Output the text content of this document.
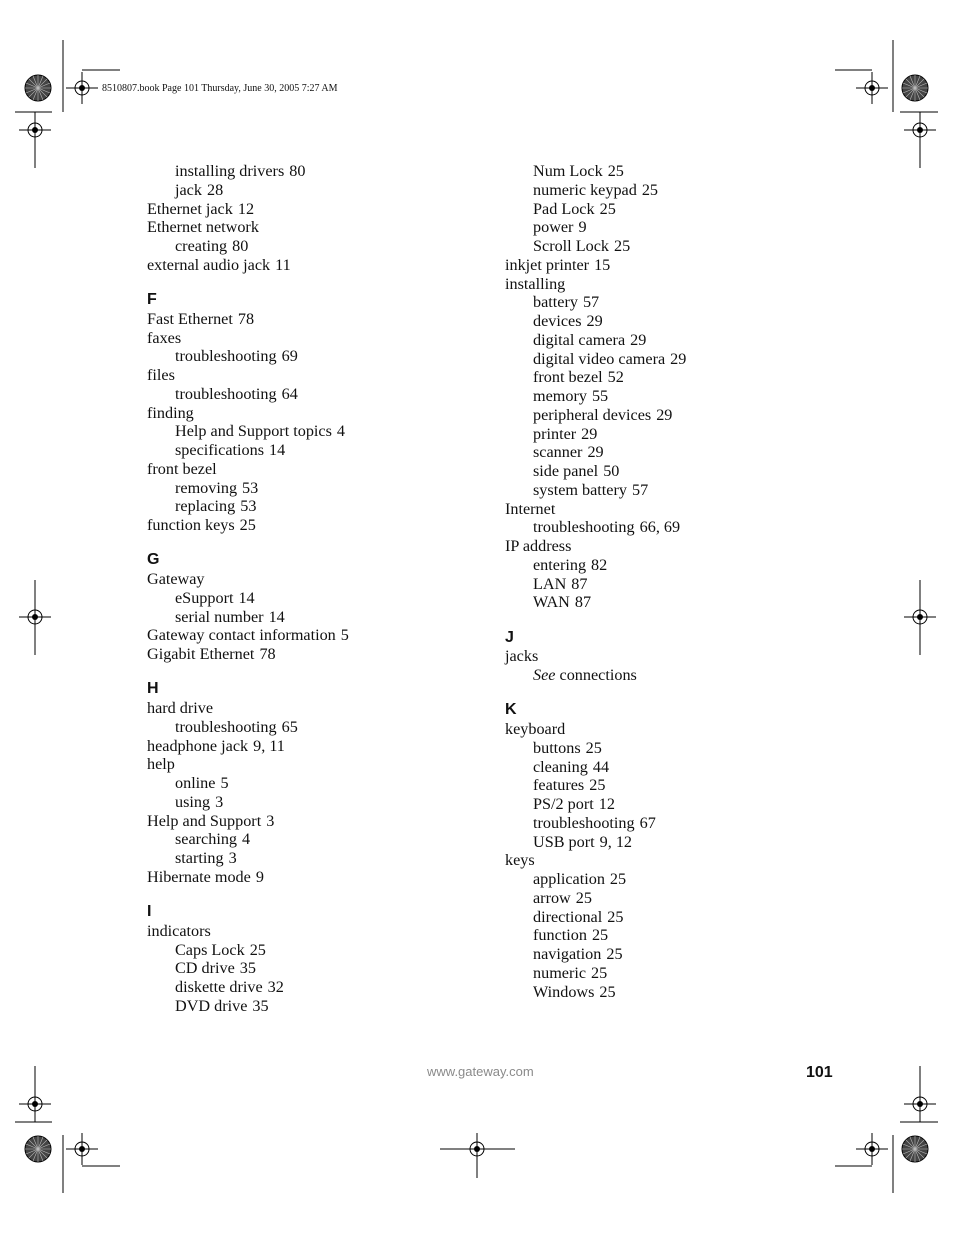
8510807.book Page 101 Thursday, June 30, 2005 7:27 AM
installing drivers 80
jack 28
Ethernet jack 12
Ethernet network
creating 80
external audio jack 11
F
Fast Ethernet 78
faxes
troubleshooting 69
files
troubleshooting 64
finding
Help and Support topics 4
specifications 14
front bezel
removing 53
replacing 53
function keys 25
G
Gateway
eSupport 14
serial number 14
Gateway contact information 5
Gigabit Ethernet 78
H
hard drive
troubleshooting 65
headphone jack 9, 11
help
online 5
using 3
Help and Support 3
searching 4
starting 3
Hibernate mode 9
I
indicators
Caps Lock 25
CD drive 35
diskette drive 32
DVD drive 35
Num Lock 25
numeric keypad 25
Pad Lock 25
power 9
Scroll Lock 25
inkjet printer 15
installing
battery 57
devices 29
digital camera 29
digital video camera 29
front bezel 52
memory 55
peripheral devices 29
printer 29
scanner 29
side panel 50
system battery 57
Internet
troubleshooting 66, 69
IP address
entering 82
LAN 87
WAN 87
J
jacks
See connections
K
keyboard
buttons 25
cleaning 44
features 25
PS/2 port 12
troubleshooting 67
USB port 9, 12
keys
application 25
arrow 25
directional 25
function 25
navigation 25
numeric 25
Windows 25
www.gateway.com	101
